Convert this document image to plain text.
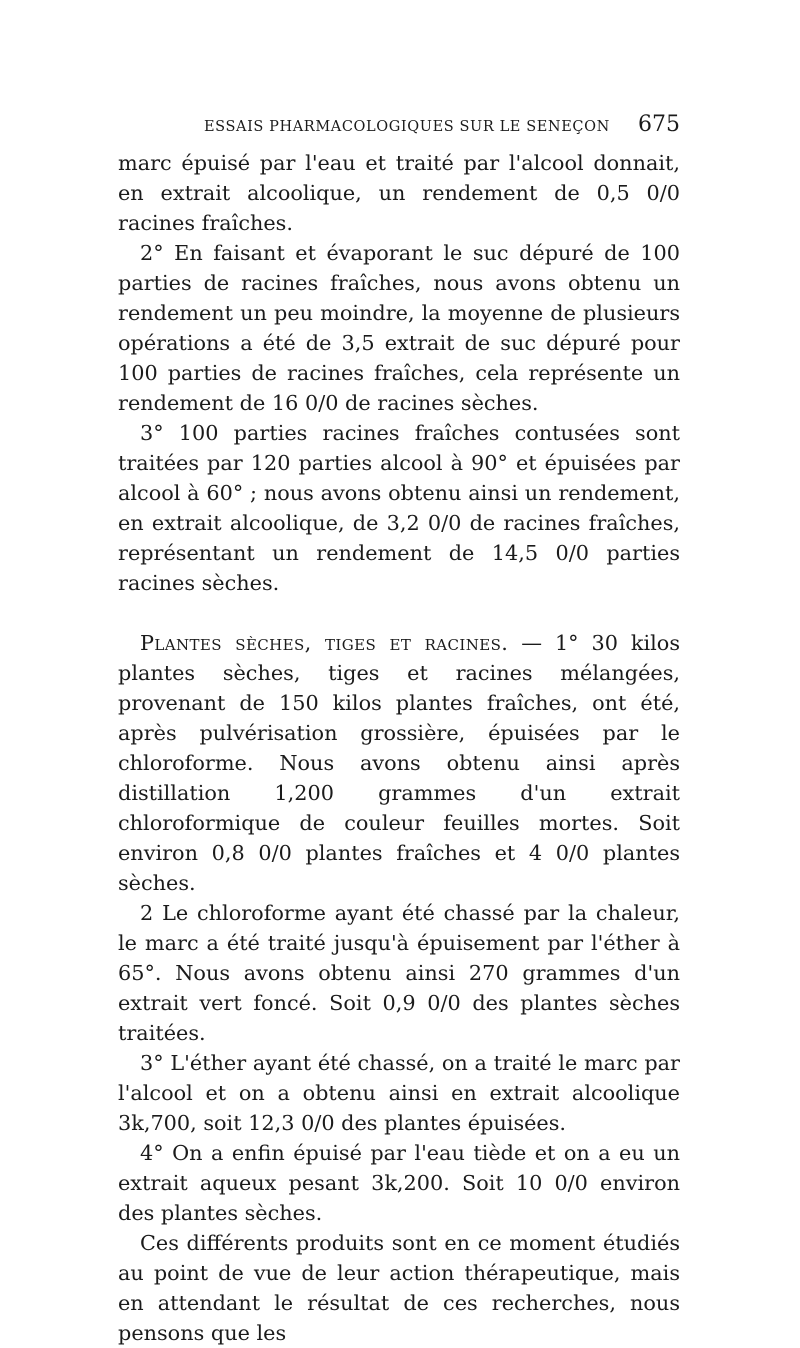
ESSAIS PHARMACOLOGIQUES SUR LE SENEÇON 675

marc épuisé par l'eau et traité par l'alcool donnait, en extrait alcoolique, un rendement de 0,5 0/0 racines fraîches.

2° En faisant et évaporant le suc dépuré de 100 parties de racines fraîches, nous avons obtenu un rendement un peu moindre, la moyenne de plusieurs opérations a été de 3,5 extrait de suc dépuré pour 100 parties de racines fraîches, cela représente un rendement de 16 0/0 de racines sèches.

3° 100 parties racines fraîches contusées sont traitées par 120 parties alcool à 90° et épuisées par alcool à 60° ; nous avons obtenu ainsi un rendement, en extrait alcoolique, de 3,2 0/0 de racines fraîches, représentant un rendement de 14,5 0/0 parties racines sèches.

Plantes sèches, tiges et racines. — 1° 30 kilos plantes sèches, tiges et racines mélangées, provenant de 150 kilos plantes fraîches, ont été, après pulvérisation grossière, épuisées par le chloroforme. Nous avons obtenu ainsi après distillation 1,200 grammes d'un extrait chloroformique de couleur feuilles mortes. Soit environ 0,8 0/0 plantes fraîches et 4 0/0 plantes sèches.

2 Le chloroforme ayant été chassé par la chaleur, le marc a été traité jusqu'à épuisement par l'éther à 65°. Nous avons obtenu ainsi 270 grammes d'un extrait vert foncé. Soit 0,9 0/0 des plantes sèches traitées.

3° L'éther ayant été chassé, on a traité le marc par l'alcool et on a obtenu ainsi en extrait alcoolique 3k,700, soit 12,3 0/0 des plantes épuisées.

4° On a enfin épuisé par l'eau tiède et on a eu un extrait aqueux pesant 3k,200. Soit 10 0/0 environ des plantes sèches.

Ces différents produits sont en ce moment étudiés au point de vue de leur action thérapeutique, mais en attendant le résultat de ces recherches, nous pensons que les
